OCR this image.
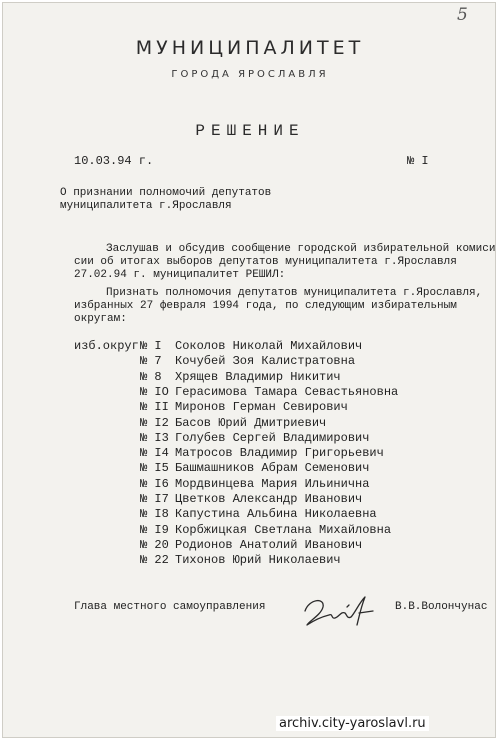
5
МУНИЦИПАЛИТЕТ
ГОРОДА ЯРОСЛАВЛЯ
РЕШЕНИЕ
10.03.94 г.	№ I
О признании полномочий депутатов
муниципалитета г.Ярославля
Заслушав и обсудив сообщение городской избирательной комиси
сии об итогах выборов депутатов муниципалитета г.Ярославля
27.02.94 г. муниципалитет РЕШИЛ:
Признать полномочия депутатов муниципалитета г.Ярославля,
избранных 27 февраля 1994 года, по следующим избирательным
округам:
изб.округ № I Соколов Николай Михайлович
№ 7 Кочубей Зоя Калистратовна
№ 8 Хрящев Владимир Никитич
№ IO Герасимова Тамара Севастьяновна
№ II Миронов Герман Севирович
№ I2 Басов Юрий Дмитриевич
№ I3 Голубев Сергей Владимирович
№ I4 Матросов Владимир Григорьевич
№ I5 Башмашников Абрам Семенович
№ I6 Мордвинцева Мария Ильинична
№ I7 Цветков Александр Иванович
№ I8 Капустина Альбина Николаевна
№ I9 Корбжицкая Светлана Михайловна
№ 20 Родионов Анатолий Иванович
№ 22 Тихонов Юрий Николаевич
Глава местного самоуправления	В.В.Волончунас
archiv.city-yaroslavl.ru
